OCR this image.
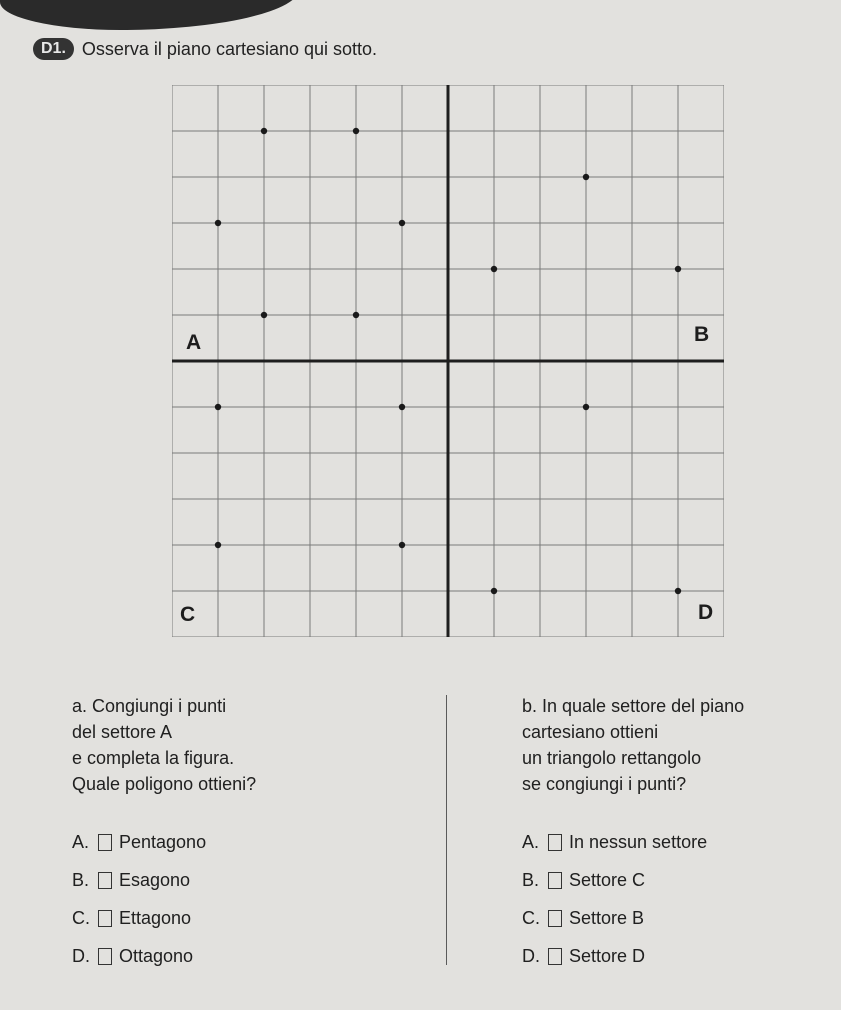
D1. Osserva il piano cartesiano qui sotto.
A	B
C	D
a. Congiungi i punti
del settore A
e completa la figura.
Quale poligono ottieni?
A.	Pentagono
B.	Esagono
C.	Ettagono
D.	Ottagono
b. In quale settore del piano
cartesiano ottieni
un triangolo rettangolo
se congiungi i punti?
A.	In nessun settore
B.	Settore C
C.	Settore B
D.	Settore D
